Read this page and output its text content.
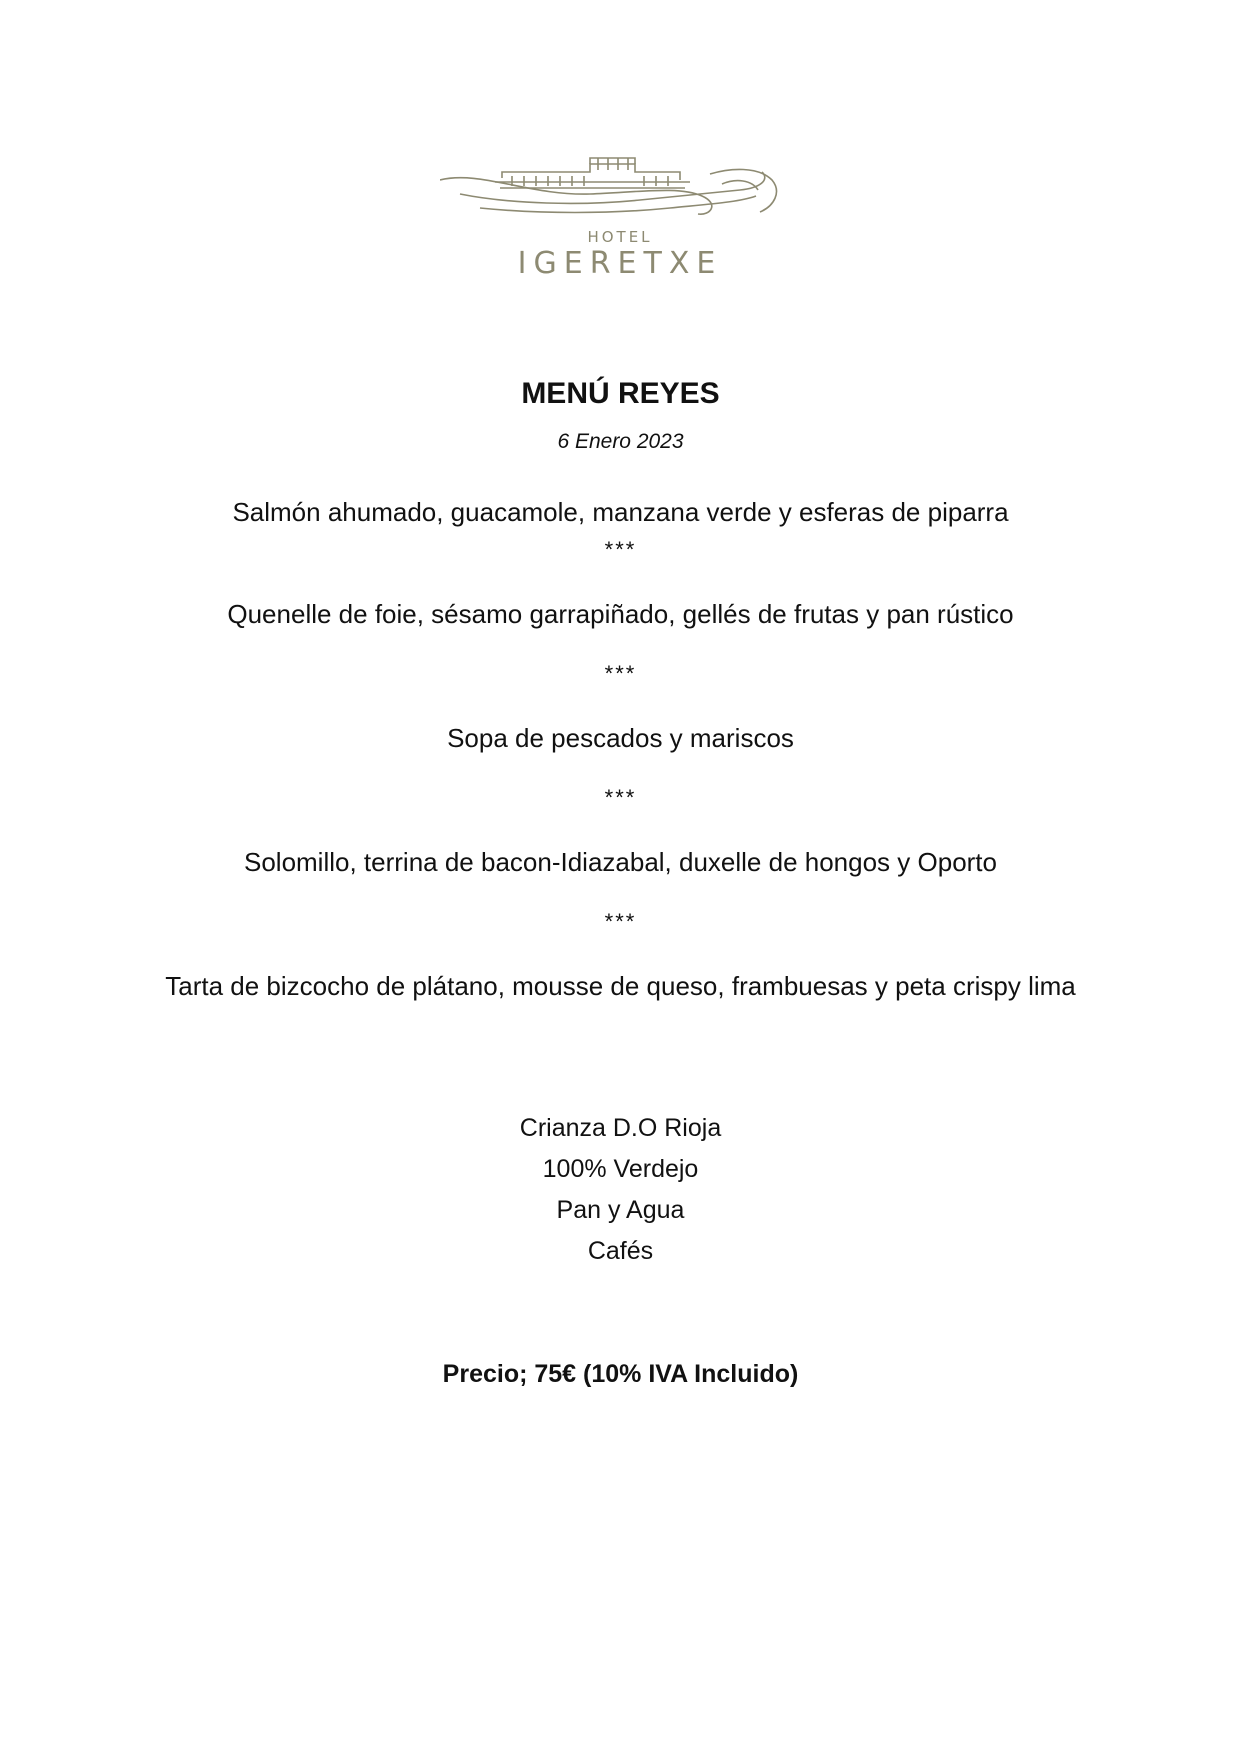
HOTEL
IGERETXE
MENÚ REYES
6 Enero 2023
Salmón ahumado, guacamole, manzana verde y esferas de piparra
***
Quenelle de foie, sésamo garrapiñado, gellés de frutas y pan rústico
***
Sopa de pescados y mariscos
***
Solomillo, terrina de bacon-Idiazabal, duxelle de hongos y Oporto
***
Tarta de bizcocho de plátano, mousse de queso, frambuesas y peta crispy lima
Crianza D.O Rioja
100% Verdejo
Pan y Agua
Cafés
Precio; 75€ (10% IVA Incluido)
